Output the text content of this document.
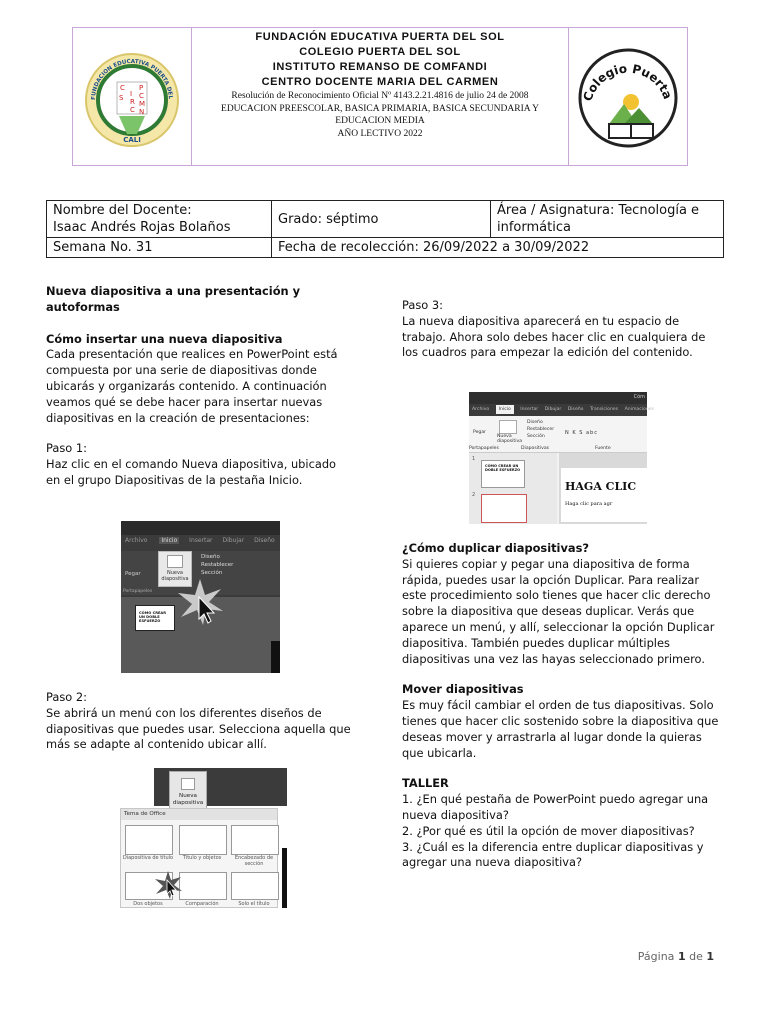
FUNDACION EDUCATIVA PUERTA DEL
C P
S I
R
C
C
M
N
CALI
FUNDACIÓN EDUCATIVA PUERTA DEL SOL
COLEGIO PUERTA DEL SOL
INSTITUTO REMANSO DE COMFANDI
CENTRO DOCENTE MARIA DEL CARMEN
Resolución de Reconocimiento Oficial Nº 4143.2.21.4816 de julio 24 de 2008
EDUCACION PREESCOLAR, BASICA PRIMARIA, BASICA SECUNDARIA Y EDUCACION MEDIA
AÑO LECTIVO 2022
Colegio Puerta
Nombre del Docente:
Isaac Andrés Rojas Bolaños	Grado: séptimo	Área / Asignatura: Tecnología e informática
Semana No. 31	Fecha de recolección: 26/09/2022 a 30/09/2022	
Nueva diapositiva a una presentación y autoformas
Cómo insertar una nueva diapositiva
Cada presentación que realices en PowerPoint está compuesta por una serie de diapositivas donde ubicarás y organizarás contenido. A continuación veamos qué se debe hacer para insertar nuevas diapositivas en la creación de presentaciones:
Paso 1:
Haz clic en el comando Nueva diapositiva, ubicado en el grupo Diapositivas de la pestaña Inicio.
Archivo Inicio Insertar Dibujar Diseño
Pegar
Portapapeles
Nueva diapositiva
Diseño
Restablecer
Sección
CÓMO CREAR UN DOBLE ESFUERZO
Paso 2:
Se abrirá un menú con los diferentes diseños de diapositivas que puedes usar. Selecciona aquella que más se adapte al contenido ubicar allí.
Nueva diapositiva
Tema de Office
Diapositiva de título	Título y objetos	Encabezado de sección
Dos objetos	Comparación	Solo el título
Paso 3:
La nueva diapositiva aparecerá en tu espacio de trabajo. Ahora solo debes hacer clic en cualquiera de los cuadros para empezar la edición del contenido.
Cóm
Archivo Inicio Insertar Dibujar Diseño Transiciones Animaciones
Pegar
Nueva diapositiva
Diseño
Restablecer
Sección
N K S abc
Portapapeles	Diapositivas	Fuente
1
CÓMO CREAR UN DOBLE ESFUERZO
2
HAGA CLIC
Haga clic para agr
¿Cómo duplicar diapositivas?
Si quieres copiar y pegar una diapositiva de forma rápida, puedes usar la opción Duplicar. Para realizar este procedimiento solo tienes que hacer clic derecho sobre la diapositiva que deseas duplicar. Verás que aparece un menú, y allí, seleccionar la opción Duplicar diapositiva. También puedes duplicar múltiples diapositivas una vez las hayas seleccionado primero.
Mover diapositivas
Es muy fácil cambiar el orden de tus diapositivas. Solo tienes que hacer clic sostenido sobre la diapositiva que deseas mover y arrastrarla al lugar donde la quieras que ubicarla.
TALLER
1. ¿En qué pestaña de PowerPoint puedo agregar una nueva diapositiva?
2. ¿Por qué es útil la opción de mover diapositivas?
3. ¿Cuál es la diferencia entre duplicar diapositivas y agregar una nueva diapositiva?
Página 1 de 1
